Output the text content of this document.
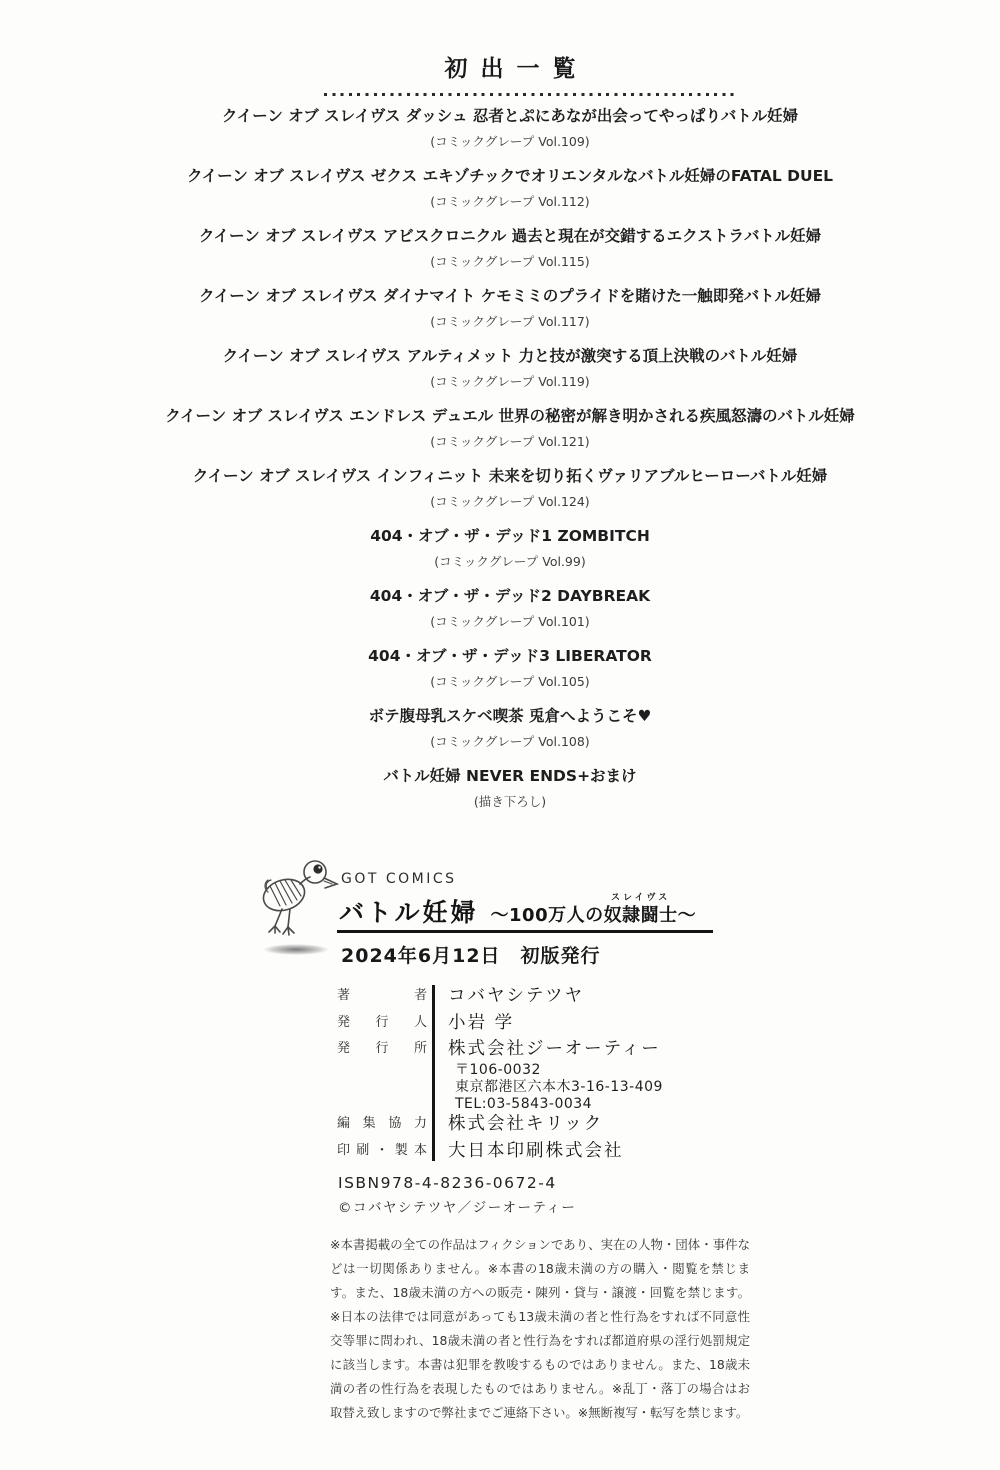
初出一覧
クイーン オブ スレイヴス ダッシュ 忍者とぷにあなが出会ってやっぱりバトル妊婦
(コミックグレープ Vol.109)
クイーン オブ スレイヴス ゼクス エキゾチックでオリエンタルなバトル妊婦のFATAL DUEL
(コミックグレープ Vol.112)
クイーン オブ スレイヴス アビスクロニクル 過去と現在が交錯するエクストラバトル妊婦
(コミックグレープ Vol.115)
クイーン オブ スレイヴス ダイナマイト ケモミミのプライドを賭けた一触即発バトル妊婦
(コミックグレープ Vol.117)
クイーン オブ スレイヴス アルティメット 力と技が激突する頂上決戦のバトル妊婦
(コミックグレープ Vol.119)
クイーン オブ スレイヴス エンドレス デュエル 世界の秘密が解き明かされる疾風怒濤のバトル妊婦
(コミックグレープ Vol.121)
クイーン オブ スレイヴス インフィニット 未来を切り拓くヴァリアブルヒーローバトル妊婦
(コミックグレープ Vol.124)
404・オブ・ザ・デッド1 ZOMBITCH
(コミックグレープ Vol.99)
404・オブ・ザ・デッド2 DAYBREAK
(コミックグレープ Vol.101)
404・オブ・ザ・デッド3 LIBERATOR
(コミックグレープ Vol.105)
ボテ腹母乳スケベ喫茶 兎倉へようこそ♥
(コミックグレープ Vol.108)
バトル妊婦 NEVER ENDS+おまけ
(描き下ろし)
GOT COMICS
バトル妊婦 ～100万人の
スレイヴス
奴隷闘士～
2024年6月12日　初版発行
著者 コバヤシテツヤ
発行人 小岩 学
発行所 株式会社ジーオーティー
〒106-0032
東京都港区六本木3-16-13-409
TEL:03-5843-0034
編集協力 株式会社キリック
印刷・製本 大日本印刷株式会社
ISBN978-4-8236-0672-4
©コバヤシテツヤ／ジーオーティー
※本書掲載の全ての作品はフィクションであり、実在の人物・団体・事件などは一切関係ありません。※本書の18歳未満の方の購入・閲覧を禁じます。また、18歳未満の方への販売・陳列・貸与・譲渡・回覧を禁じます。※日本の法律では同意があっても13歳未満の者と性行為をすれば不同意性交等罪に問われ、18歳未満の者と性行為をすれば都道府県の淫行処罰規定に該当します。本書は犯罪を教唆するものではありません。また、18歳未満の者の性行為を表現したものではありません。※乱丁・落丁の場合はお取替え致しますので弊社までご連絡下さい。※無断複写・転写を禁じます。
